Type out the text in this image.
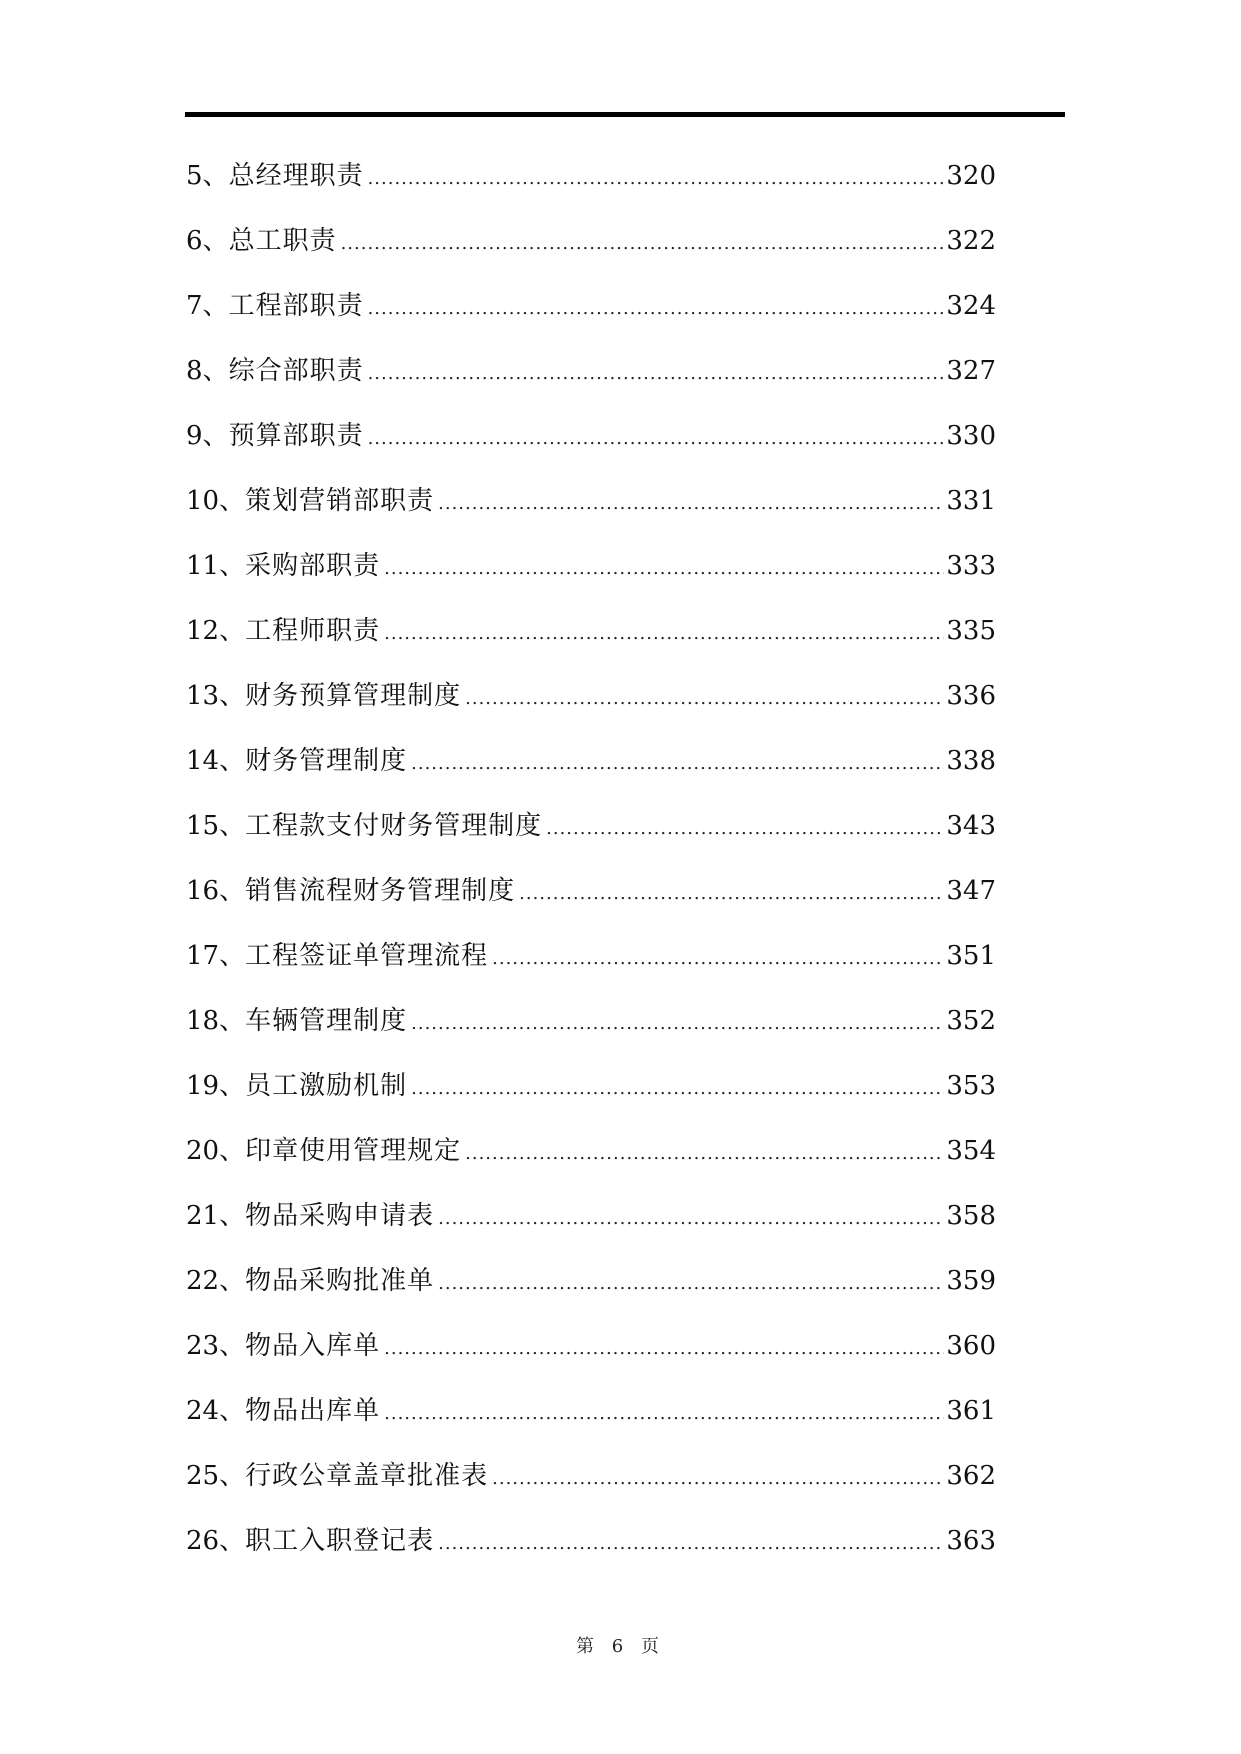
5 、 总经理职责 .....	320
6 、 总工职责 .....	322
7 、 工程部职责 .....	324
8 、 综合部职责 .....	327
9 、 预算部职责 .....	330
10 、 策划营销部职责 .....	331
11 、 采购部职责 .....	333
12 、 工程师职责 .....	335
13 、 财务预算管理制度 .....	336
14 、 财务管理制度 .....	338
15 、 工程款支付财务管理制度 .....	343
16 、 销售流程财务管理制度 .....	347
17 、 工程签证单管理流程 .....	351
18 、 车辆管理制度 .....	352
19 、 员工激励机制 .....	353
20 、 印章使用管理规定 .....	354
21 、 物品采购申请表 .....	358
22 、 物品采购批准单 .....	359
23 、 物品入库单 .....	360
24 、 物品出库单 .....	361
25 、 行政公章盖章批准表 .....	362
26 、 职工入职登记表 .....	363
第 6 页
